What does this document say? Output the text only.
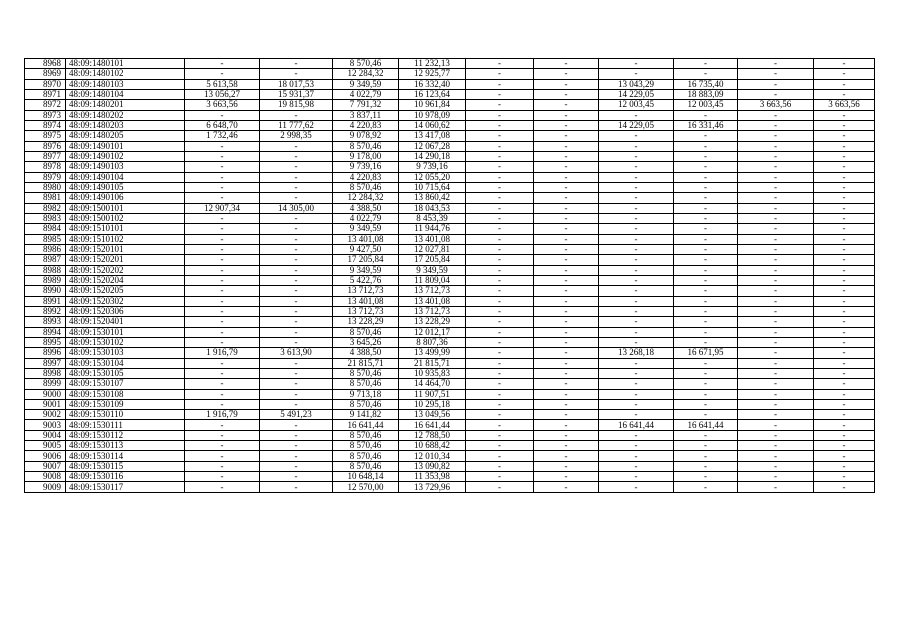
8968	48:09:1480101	-	-	8 570,46	11 232,13	-	-	-	-	-	-
8969	48:09:1480102	-	-	12 284,32	12 925,77	-	-	-	-	-	-
8970	48:09:1480103	5 613,58	18 017,53	9 349,59	16 332,40	-	-	13 043,29	16 735,40	-	-
8971	48:09:1480104	13 056,27	15 931,37	4 022,79	16 123,64	-	-	14 229,05	18 883,09	-	-
8972	48:09:1480201	3 663,56	19 815,98	7 791,32	10 961,84	-	-	12 003,45	12 003,45	3 663,56	3 663,56
8973	48:09:1480202	-	-	3 837,11	10 978,09	-	-	-	-	-	-
8974	48:09:1480203	6 648,70	11 777,62	4 220,83	14 060,62	-	-	14 229,05	16 331,46	-	-
8975	48:09:1480205	1 732,46	2 998,35	9 078,92	13 417,08	-	-	-	-	-	-
8976	48:09:1490101	-	-	8 570,46	12 067,28	-	-	-	-	-	-
8977	48:09:1490102	-	-	9 178,00	14 290,18	-	-	-	-	-	-
8978	48:09:1490103	-	-	9 739,16	9 739,16	-	-	-	-	-	-
8979	48:09:1490104	-	-	4 220,83	12 055,20	-	-	-	-	-	-
8980	48:09:1490105	-	-	8 570,46	10 715,64	-	-	-	-	-	-
8981	48:09:1490106	-	-	12 284,32	13 860,42	-	-	-	-	-	-
8982	48:09:1500101	12 907,34	14 305,00	4 388,50	18 043,53	-	-	-	-	-	-
8983	48:09:1500102	-	-	4 022,79	8 453,39	-	-	-	-	-	-
8984	48:09:1510101	-	-	9 349,59	11 944,76	-	-	-	-	-	-
8985	48:09:1510102	-	-	13 401,08	13 401,08	-	-	-	-	-	-
8986	48:09:1520101	-	-	9 427,50	12 027,81	-	-	-	-	-	-
8987	48:09:1520201	-	-	17 205,84	17 205,84	-	-	-	-	-	-
8988	48:09:1520202	-	-	9 349,59	9 349,59	-	-	-	-	-	-
8989	48:09:1520204	-	-	5 422,76	11 809,04	-	-	-	-	-	-
8990	48:09:1520205	-	-	13 712,73	13 712,73	-	-	-	-	-	-
8991	48:09:1520302	-	-	13 401,08	13 401,08	-	-	-	-	-	-
8992	48:09:1520306	-	-	13 712,73	13 712,73	-	-	-	-	-	-
8993	48:09:1520401	-	-	13 228,29	13 228,29	-	-	-	-	-	-
8994	48:09:1530101	-	-	8 570,46	12 012,17	-	-	-	-	-	-
8995	48:09:1530102	-	-	3 645,26	8 807,36	-	-	-	-	-	-
8996	48:09:1530103	1 916,79	3 613,90	4 388,50	13 499,99	-	-	13 268,18	16 671,95	-	-
8997	48:09:1530104	-	-	21 815,71	21 815,71	-	-	-	-	-	-
8998	48:09:1530105	-	-	8 570,46	10 935,83	-	-	-	-	-	-
8999	48:09:1530107	-	-	8 570,46	14 464,70	-	-	-	-	-	-
9000	48:09:1530108	-	-	9 713,18	11 907,51	-	-	-	-	-	-
9001	48:09:1530109	-	-	8 570,46	10 295,18	-	-	-	-	-	-
9002	48:09:1530110	1 916,79	5 491,23	9 141,82	13 049,56	-	-	-	-	-	-
9003	48:09:1530111	-	-	16 641,44	16 641,44	-	-	16 641,44	16 641,44	-	-
9004	48:09:1530112	-	-	8 570,46	12 788,50	-	-	-	-	-	-
9005	48:09:1530113	-	-	8 570,46	10 688,42	-	-	-	-	-	-
9006	48:09:1530114	-	-	8 570,46	12 010,34	-	-	-	-	-	-
9007	48:09:1530115	-	-	8 570,46	13 090,82	-	-	-	-	-	-
9008	48:09:1530116	-	-	10 648,14	11 353,98	-	-	-	-	-	-
9009	48:09:1530117	-	-	12 570,00	13 729,96	-	-	-	-	-	-
